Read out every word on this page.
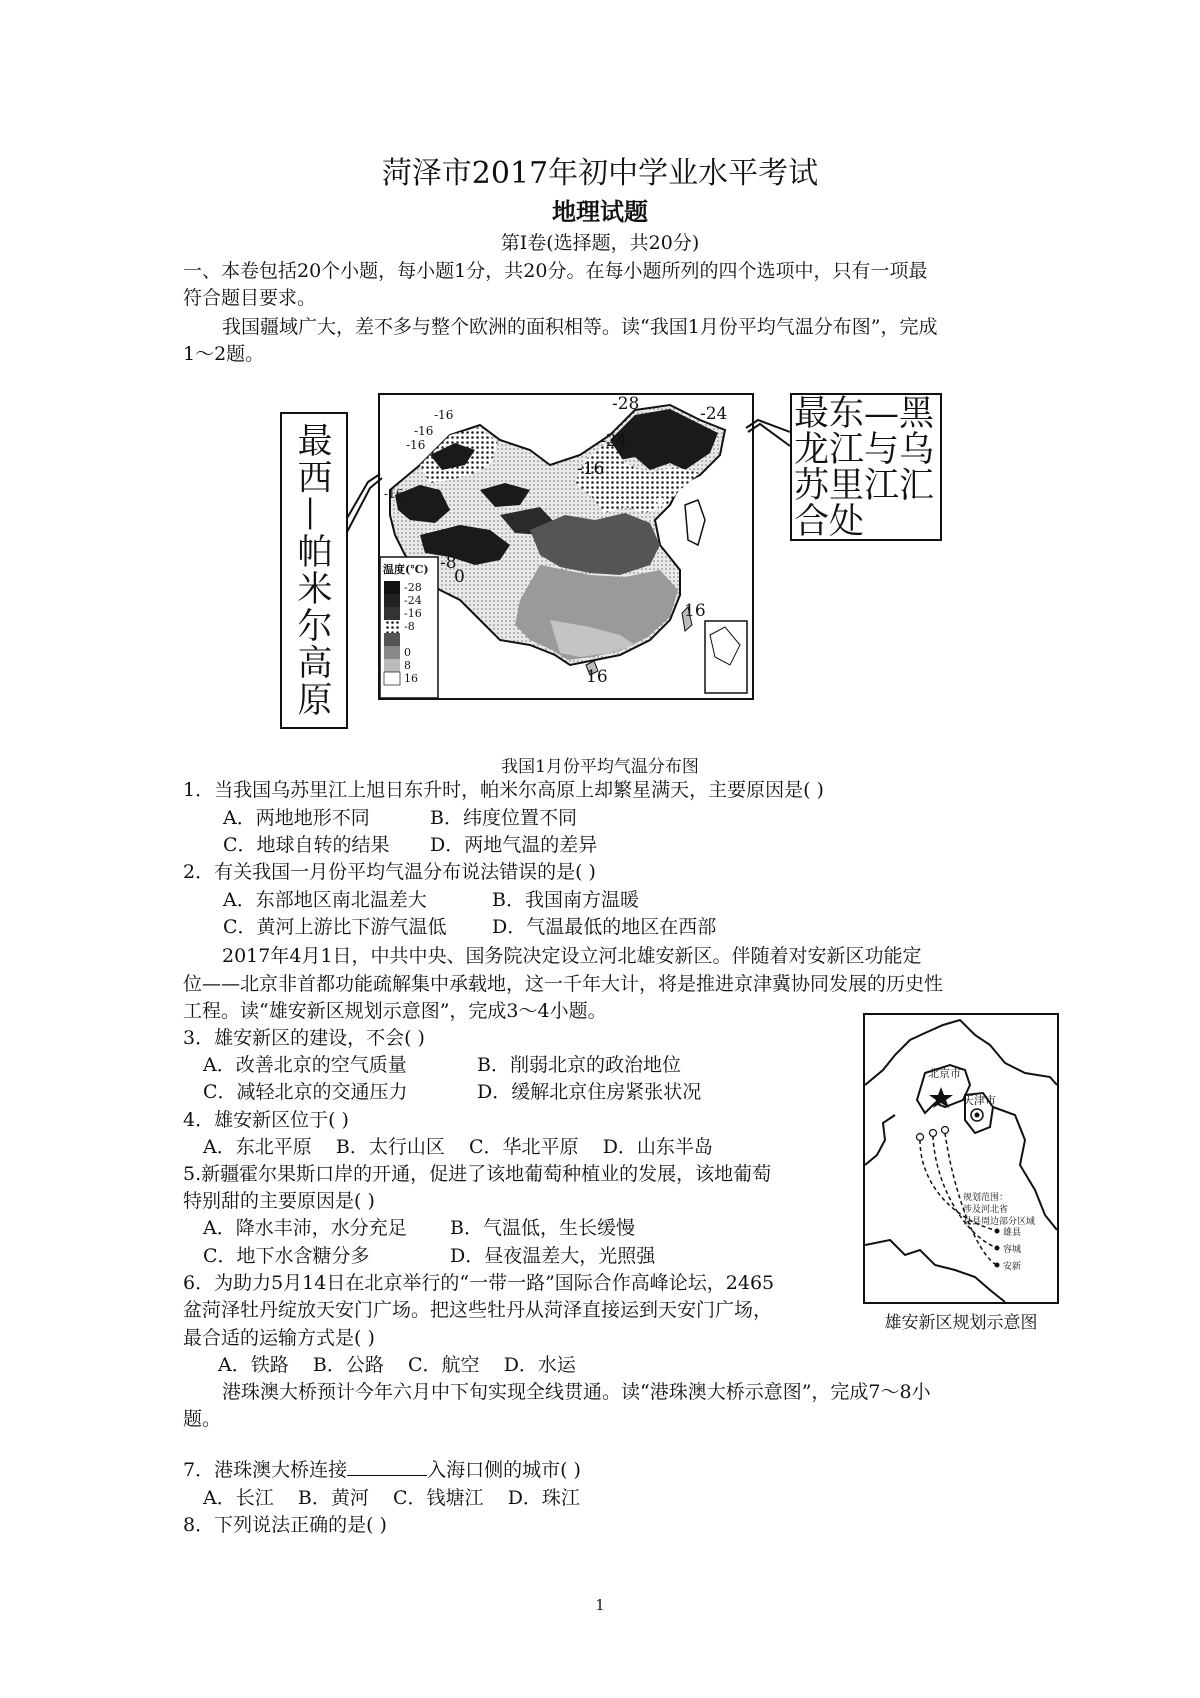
菏泽市2017年初中学业水平考试
地理试题
第Ⅰ卷(选择题，共20分)
一、本卷包括20个小题，每小题1分，共20分。在每小题所列的四个选项中，只有一项最
符合题目要求。
我国疆域广大，差不多与整个欧洲的面积相等。读“我国1月份平均气温分布图”，完成
1～2题。
-16
-16
-16
-16
-28	-24
-24
-16
-8
-8
0
16
16
温度(℃)
-28
-24
-16
-8
0
8
16
最西—帕米尔高原
最东—黑
龙江与乌
苏里江汇
合处
我国1月份平均气温分布图
1．当我国乌苏里江上旭日东升时，帕米尔高原上却繁星满天，主要原因是( )
A．两地地形不同	B．纬度位置不同
C．地球自转的结果 D．两地气温的差异
2．有关我国一月份平均气温分布说法错误的是( )
A．东部地区南北温差大	B．我国南方温暖
C．黄河上游比下游气温低 D．气温最低的地区在西部
2017年4月1日，中共中央、国务院决定设立河北雄安新区。伴随着对安新区功能定
位——北京非首都功能疏解集中承载地，这一千年大计，将是推进京津冀协同发展的历史性
工程。读“雄安新区规划示意图”，完成3～4小题。
3．雄安新区的建设，不会( )
A．改善北京的空气质量	B．削弱北京的政治地位
C．减轻北京的交通压力	D．缓解北京住房紧张状况
4．雄安新区位于( )
A．东北平原    B．太行山区    C．华北平原    D．山东半岛
5.新疆霍尔果斯口岸的开通，促进了该地葡萄种植业的发展，该地葡萄
特别甜的主要原因是( )
A．降水丰沛，水分充足 B．气温低，生长缓慢
C．地下水含糖分多	D．昼夜温差大，光照强
6．为助力5月14日在北京举行的“一带一路”国际合作高峰论坛，2465
盆菏泽牡丹绽放天安门广场。把这些牡丹从菏泽直接运到天安门广场，
最合适的运输方式是( )
A．铁路    B．公路    C．航空    D．水运
北京市
天津市
规划范围：
涉及河北省
县县周边部分区域
雄县
容城
安新
雄安新区规划示意图
港珠澳大桥预计今年六月中下旬实现全线贯通。读“港珠澳大桥示意图”，完成7～8小
题。
7．港珠澳大桥连接	入海口侧的城市( )
A．长江    B．黄河    C．钱塘江    D．珠江
8．下列说法正确的是( )
1
